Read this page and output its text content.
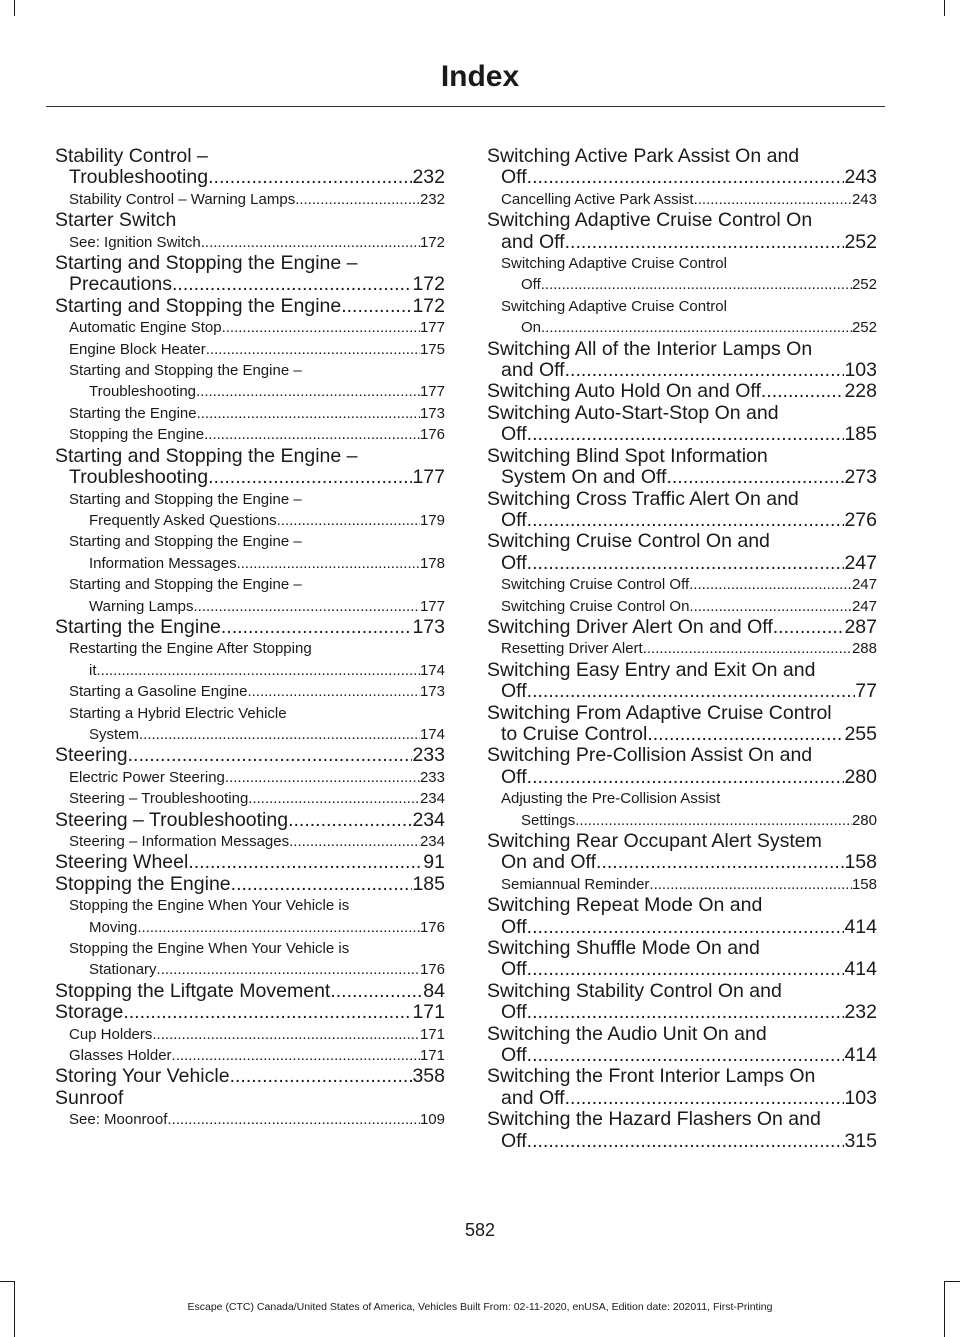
Index
Stability Control –
Troubleshooting .....	232
Stability Control – Warning Lamps .....	232
Starter Switch
See: Ignition Switch .....	172
Starting and Stopping the Engine –
Precautions .....	172
Starting and Stopping the Engine .....	172
Automatic Engine Stop .....	177
Engine Block Heater .....	175
Starting and Stopping the Engine –
Troubleshooting .....	177
Starting the Engine .....	173
Stopping the Engine .....	176
Starting and Stopping the Engine –
Troubleshooting .....	177
Starting and Stopping the Engine –
Frequently Asked Questions .....	179
Starting and Stopping the Engine –
Information Messages .....	178
Starting and Stopping the Engine –
Warning Lamps .....	177
Starting the Engine .....	173
Restarting the Engine After Stopping
it .....	174
Starting a Gasoline Engine .....	173
Starting a Hybrid Electric Vehicle
System .....	174
Steering .....	233
Electric Power Steering .....	233
Steering – Troubleshooting .....	234
Steering – Troubleshooting .....	234
Steering – Information Messages .....	234
Steering Wheel .....	91
Stopping the Engine .....	185
Stopping the Engine When Your Vehicle is
Moving .....	176
Stopping the Engine When Your Vehicle is
Stationary .....	176
Stopping the Liftgate Movement .....	84
Storage .....	171
Cup Holders .....	171
Glasses Holder .....	171
Storing Your Vehicle .....	358
Sunroof
See: Moonroof .....	109
Switching Active Park Assist On and
Off .....	243
Cancelling Active Park Assist .....	243
Switching Adaptive Cruise Control On
and Off .....	252
Switching Adaptive Cruise Control
Off .....	252
Switching Adaptive Cruise Control
On .....	252
Switching All of the Interior Lamps On
and Off .....	103
Switching Auto Hold On and Off .....	228
Switching Auto-Start-Stop On and
Off .....	185
Switching Blind Spot Information
System On and Off .....	273
Switching Cross Traffic Alert On and
Off .....	276
Switching Cruise Control On and
Off .....	247
Switching Cruise Control Off .....	247
Switching Cruise Control On .....	247
Switching Driver Alert On and Off .....	287
Resetting Driver Alert .....	288
Switching Easy Entry and Exit On and
Off .....	77
Switching From Adaptive Cruise Control
to Cruise Control .....	255
Switching Pre-Collision Assist On and
Off .....	280
Adjusting the Pre-Collision Assist
Settings .....	280
Switching Rear Occupant Alert System
On and Off .....	158
Semiannual Reminder .....	158
Switching Repeat Mode On and
Off .....	414
Switching Shuffle Mode On and
Off .....	414
Switching Stability Control On and
Off .....	232
Switching the Audio Unit On and
Off .....	414
Switching the Front Interior Lamps On
and Off .....	103
Switching the Hazard Flashers On and
Off .....	315
582
Escape (CTC) Canada/United States of America, Vehicles Built From: 02-11-2020, enUSA, Edition date: 202011, First-Printing
